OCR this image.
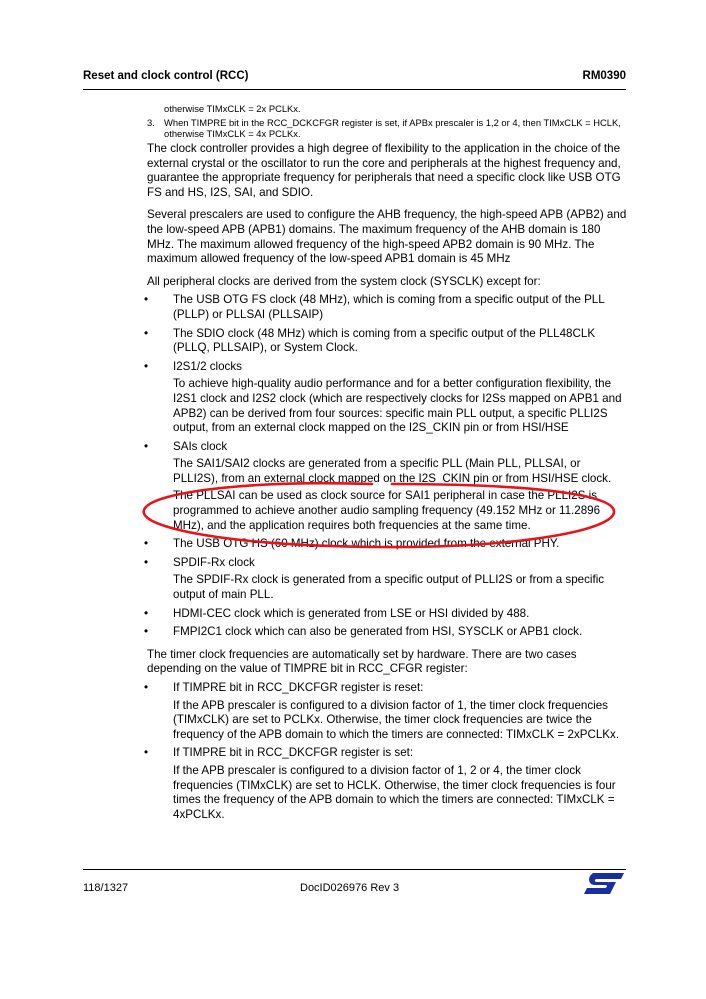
Reset and clock control (RCC)	RM0390
otherwise TIMxCLK = 2x PCLKx.
3. When TIMPRE bit in the RCC_DCKCFGR register is set, if APBx prescaler is 1,2 or 4, then TIMxCLK = HCLK, otherwise TIMxCLK = 4x PCLKx.

The clock controller provides a high degree of flexibility to the application in the choice of the external crystal or the oscillator to run the core and peripherals at the highest frequency and, guarantee the appropriate frequency for peripherals that need a specific clock like USB OTG FS and HS, I2S, SAI, and SDIO.

Several prescalers are used to configure the AHB frequency, the high-speed APB (APB2) and the low-speed APB (APB1) domains. The maximum frequency of the AHB domain is 180 MHz. The maximum allowed frequency of the high-speed APB2 domain is 90 MHz. The maximum allowed frequency of the low-speed APB1 domain is 45 MHz

All peripheral clocks are derived from the system clock (SYSCLK) except for:

• The USB OTG FS clock (48 MHz), which is coming from a specific output of the PLL (PLLP) or PLLSAI (PLLSAIP)
• The SDIO clock (48 MHz) which is coming from a specific output of the PLL48CLK (PLLQ, PLLSAIP), or System Clock.
• I2S1/2 clocks
To achieve high-quality audio performance and for a better configuration flexibility, the I2S1 clock and I2S2 clock (which are respectively clocks for I2Ss mapped on APB1 and APB2) can be derived from four sources: specific main PLL output, a specific PLLI2S output, from an external clock mapped on the I2S_CKIN pin or from HSI/HSE
• SAIs clock
The SAI1/SAI2 clocks are generated from a specific PLL (Main PLL, PLLSAI, or PLLI2S), from an external clock mapped on the I2S_CKIN pin or from HSI/HSE clock.
The PLLSAI can be used as clock source for SAI1 peripheral in case the PLLI2S is programmed to achieve another audio sampling frequency (49.152 MHz or 11.2896 MHz), and the application requires both frequencies at the same time.
• The USB OTG HS (60 MHz) clock which is provided from the external PHY.
• SPDIF-Rx clock
The SPDIF-Rx clock is generated from a specific output of PLLI2S or from a specific output of main PLL.
• HDMI-CEC clock which is generated from LSE or HSI divided by 488.
• FMPI2C1 clock which can also be generated from HSI, SYSCLK or APB1 clock.

The timer clock frequencies are automatically set by hardware. There are two cases depending on the value of TIMPRE bit in RCC_CFGR register:

• If TIMPRE bit in RCC_DKCFGR register is reset:
If the APB prescaler is configured to a division factor of 1, the timer clock frequencies (TIMxCLK) are set to PCLKx. Otherwise, the timer clock frequencies are twice the frequency of the APB domain to which the timers are connected: TIMxCLK = 2xPCLKx.
• If TIMPRE bit in RCC_DKCFGR register is set:
If the APB prescaler is configured to a division factor of 1, 2 or 4, the timer clock frequencies (TIMxCLK) are set to HCLK. Otherwise, the timer clock frequencies is four times the frequency of the APB domain to which the timers are connected: TIMxCLK = 4xPCLKx.
118/1327	DocID026976 Rev 3
